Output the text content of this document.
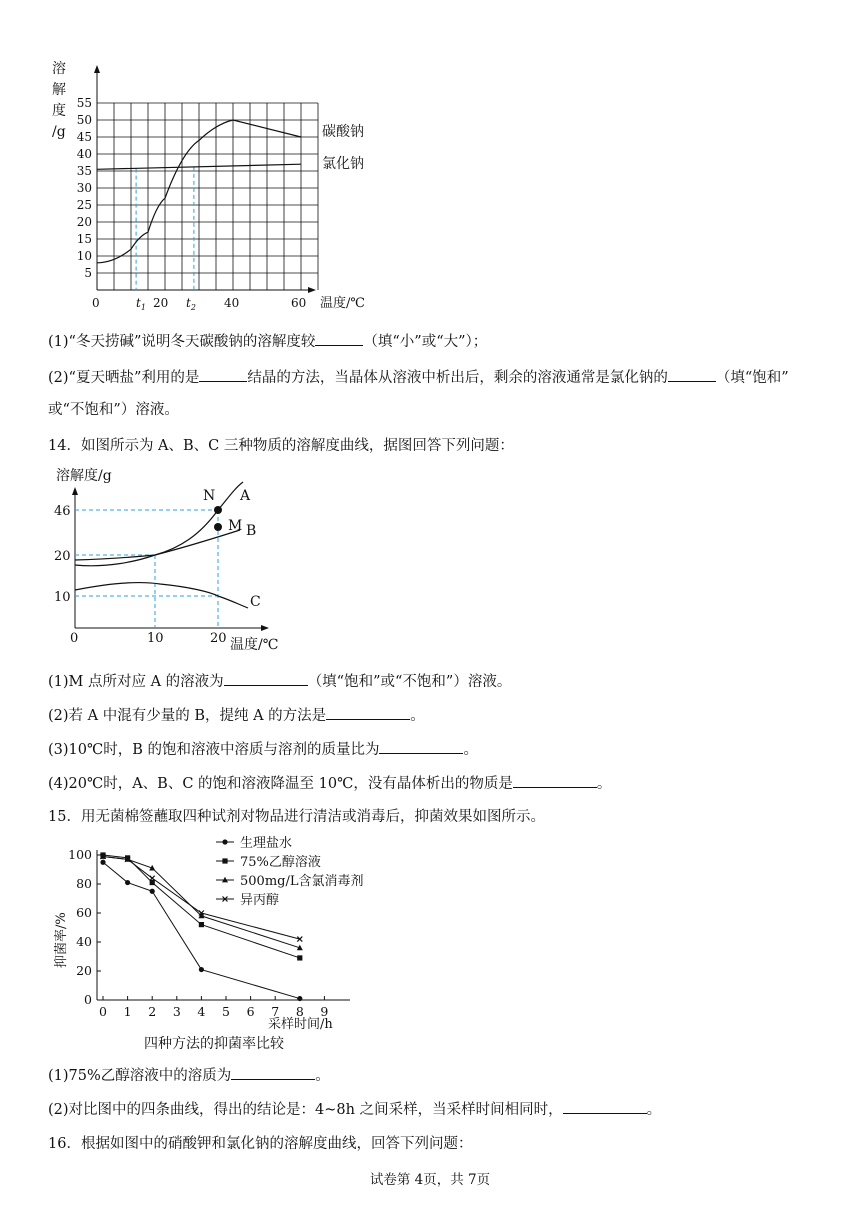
溶
解
度
/g
5
10
15
20
25
30
35
40
45
50
55
碳酸钠
氯化钠
0	$t_1$ 20 $t_2$ 40	60 温度/℃
(1)“冬天捞碱”说明冬天碳酸钠的溶解度较	（填“小”或“大”）；
(2)“夏天晒盐”利用的是	结晶的方法，当晶体从溶液中析出后，剩余的溶液通常是氯化钠的	（填“饱和”
或“不饱和”）溶液。
14．如图所示为 A、B、C 三种物质的溶解度曲线，据图回答下列问题：
溶解度/g
N
M
A
B
C
46
20
10
0	10	20 温度/℃
(1)M 点所对应 A 的溶液为	（填“饱和”或“不饱和”）溶液。
(2)若 A 中混有少量的 B，提纯 A 的方法是	。
(3)10℃时，B 的饱和溶液中溶质与溶剂的质量比为	。
(4)20℃时，A、B、C 的饱和溶液降温至 10℃，没有晶体析出的物质是	。
15．用无菌棉签蘸取四种试剂对物品进行清洁或消毒后，抑菌效果如图所示。
抑菌率/%
0
20
40
60
80
100
0 1 2 3 4 5 6 7 8 9
生理盐水
75%乙醇溶液
500mg/L含氯消毒剂
异丙醇
采样时间/h
四种方法的抑菌率比较
(1)75%乙醇溶液中的溶质为	。
(2)对比图中的四条曲线，得出的结论是：4~8h 之间采样，当采样时间相同时，	。
16．根据如图中的硝酸钾和氯化钠的溶解度曲线，回答下列问题：
试卷第 4页，共 7页
